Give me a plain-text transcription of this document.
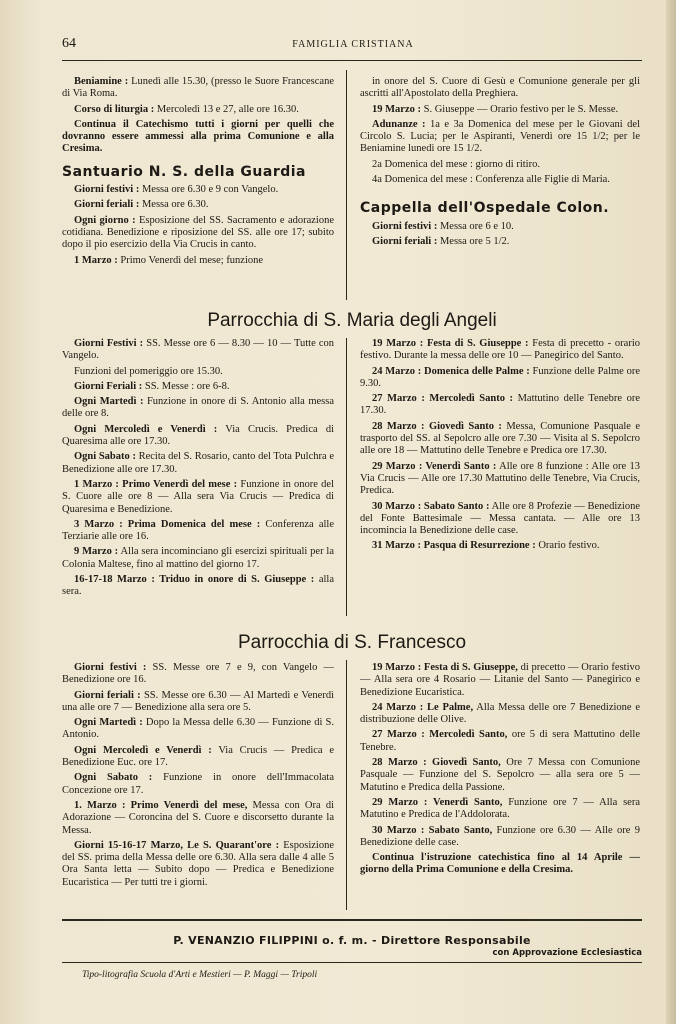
64	FAMIGLIA CRISTIANA

Beniamine : Lunedì alle 15.30, (presso le Suore Francescane di Via Roma.

Corso di liturgia : Mercoledì 13 e 27, alle ore 16.30.

Continua il Catechismo tutti i giorni per quelli che dovranno essere ammessi alla prima Comunione e alla Cresima.

Santuario N. S. della Guardia

Giorni festivi : Messa ore 6.30 e 9 con Vangelo.

Giorni feriali : Messa ore 6.30.

Ogni giorno : Esposizione del SS. Sacramento e adorazione cotidiana. Benedizione e riposizione del SS. alle ore 17; subito dopo il pio esercizio della Via Crucis in canto.

1 Marzo : Primo Venerdì del mese; funzione

in onore del S. Cuore di Gesù e Comunione generale per gli ascritti all'Apostolato della Preghiera.

19 Marzo : S. Giuseppe — Orario festivo per le S. Messe.

Adunanze : 1a e 3a Domenica del mese per le Giovani del Circolo S. Lucia; per le Aspiranti, Venerdì ore 15 1/2; per le Beniamine lunedì ore 15 1/2.

2a Domenica del mese : giorno di ritiro.

4a Domenica del mese : Conferenza alle Figlie di Maria.

Cappella dell'Ospedale Colon.

Giorni festivi : Messa ore 6 e 10.

Giorni feriali : Messa ore 5 1/2.

Parrocchia di S. Maria degli Angeli

Giorni Festivi : SS. Messe ore 6 — 8.30 — 10 — Tutte con Vangelo.

Funzioni del pomeriggio ore 15.30.

Giorni Feriali : SS. Messe : ore 6-8.

Ogni Martedì : Funzione in onore di S. Antonio alla messa delle ore 8.

Ogni Mercoledì e Venerdì : Via Crucis. Predica di Quaresima alle ore 17.30.

Ogni Sabato : Recita del S. Rosario, canto del Tota Pulchra e Benedizione alle ore 17.30.

1 Marzo : Primo Venerdì del mese : Funzione in onore del S. Cuore alle ore 8 — Alla sera Via Crucis — Predica di Quaresima e Benedizione.

3 Marzo : Prima Domenica del mese : Conferenza alle Terziarie alle ore 16.

9 Marzo : Alla sera incominciano gli esercizi spirituali per la Colonia Maltese, fino al mattino del giorno 17.

16-17-18 Marzo : Triduo in onore di S. Giuseppe : alla sera.

19 Marzo : Festa di S. Giuseppe : Festa di precetto - orario festivo. Durante la messa delle ore 10 — Panegirico del Santo.

24 Marzo : Domenica delle Palme : Funzione delle Palme ore 9.30.

27 Marzo : Mercoledì Santo : Mattutino delle Tenebre ore 17.30.

28 Marzo : Giovedì Santo : Messa, Comunione Pasquale e trasporto del SS. al Sepolcro alle ore 7.30 — Visita al S. Sepolcro alle ore 18 — Mattutino delle Tenebre e Predica ore 17.30.

29 Marzo : Venerdì Santo : Alle ore 8 funzione : Alle ore 13 Via Crucis — Alle ore 17.30 Mattutino delle Tenebre, Via Crucis, Predica.

30 Marzo : Sabato Santo : Alle ore 8 Profezie — Benedizione del Fonte Battesimale — Messa cantata. — Alle ore 13 incomincia la Benedizione delle case.

31 Marzo : Pasqua di Resurrezione : Orario festivo.

Parrocchia di S. Francesco

Giorni festivi : SS. Messe ore 7 e 9, con Vangelo — Benedizione ore 16.

Giorni feriali : SS. Messe ore 6.30 — Al Martedì e Venerdì una alle ore 7 — Benedizione alla sera ore 5.

Ogni Martedì : Dopo la Messa delle 6.30 — Funzione di S. Antonio.

Ogni Mercoledì e Venerdì : Via Crucis — Predica e Benedizione Euc. ore 17.

Ogni Sabato : Funzione in onore dell'Immacolata Concezione ore 17.

1. Marzo : Primo Venerdì del mese, Messa con Ora di Adorazione — Coroncina del S. Cuore e discorsetto durante la Messa.

Giorni 15-16-17 Marzo, Le S. Quarant'ore : Esposizione del SS. prima della Messa delle ore 6.30. Alla sera dalle 4 alle 5 Ora Santa letta — Subito dopo — Predica e Benedizione Eucaristica — Per tutti tre i giorni.

19 Marzo : Festa di S. Giuseppe, di precetto — Orario festivo — Alla sera ore 4 Rosario — Litanie del Santo — Panegirico e Benedizione Eucaristica.

24 Marzo : Le Palme, Alla Messa delle ore 7 Benedizione e distribuzione delle Olive.

27 Marzo : Mercoledì Santo, ore 5 di sera Mattutino delle Tenebre.

28 Marzo : Giovedì Santo, Ore 7 Messa con Comunione Pasquale — Funzione del S. Sepolcro — alla sera ore 5 — Matutino e Predica della Passione.

29 Marzo : Venerdì Santo, Funzione ore 7 — Alla sera Matutino e Predica de l'Addolorata.

30 Marzo : Sabato Santo, Funzione ore 6.30 — Alle ore 9 Benedizione delle case.

Continua l'istruzione catechistica fino al 14 Aprile — giorno della Prima Comunione e della Cresima.

P. VENANZIO FILIPPINI o. f. m. - Direttore Responsabile
con Approvazione Ecclesiastica
Tipo-litografia Scuola d'Arti e Mestieri — P. Maggi — Tripoli
